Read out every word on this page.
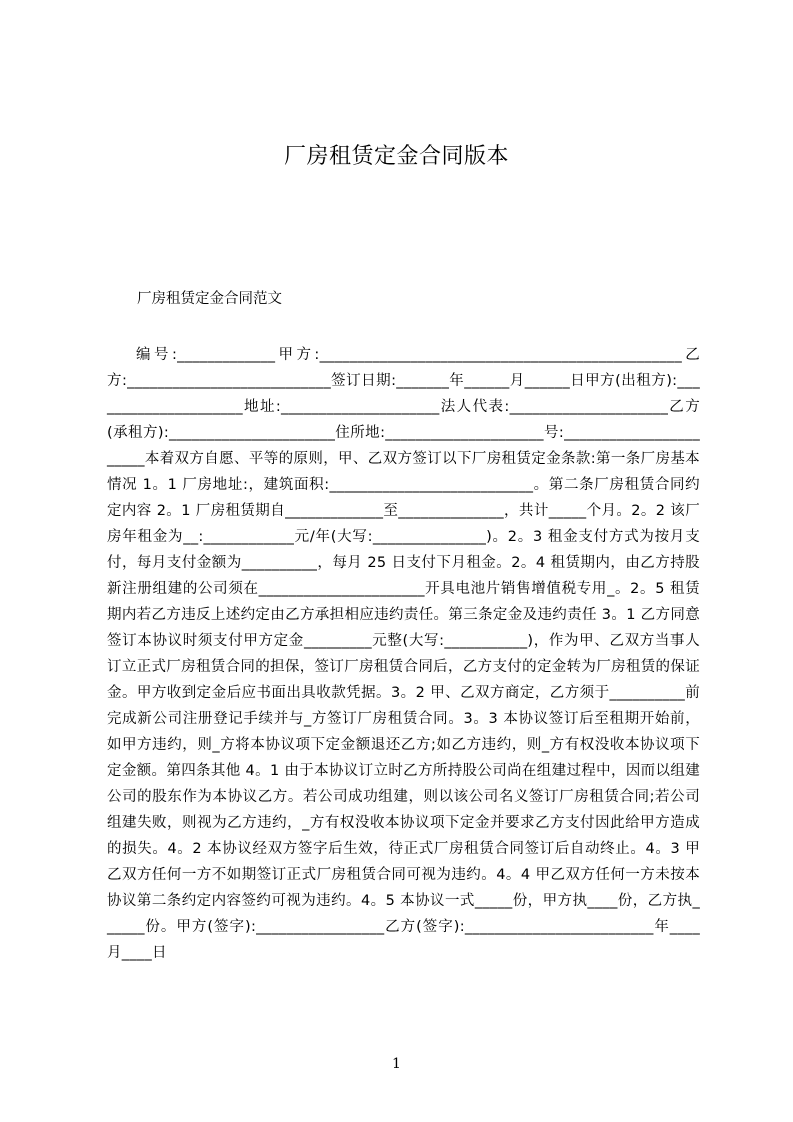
厂房租赁定金合同版本
厂房租赁定金合同范文
编号:_____________甲方:________________________________________________乙方:___________________________签订日期:_______年______月______日甲方(出租方):_____________________地址:_____________________法人代表:_____________________乙方(承租方):______________________住所地:_____________________号:_______________________本着双方自愿、平等的原则，甲、乙双方签订以下厂房租赁定金条款:第一条厂房基本情况 1。1 厂房地址:，建筑面积:___________________________。第二条厂房租赁合同约定内容 2。1 厂房租赁期自_____________至______________，共计_____个月。2。2 该厂房年租金为__:____________元/年(大写:_______________)。2。3 租金支付方式为按月支付，每月支付金额为__________，每月 25 日支付下月租金。2。4 租赁期内，由乙方持股新注册组建的公司须在______________________开具电池片销售增值税专用_。2。5 租赁期内若乙方违反上述约定由乙方承担相应违约责任。第三条定金及违约责任 3。1 乙方同意签订本协议时须支付甲方定金_________元整(大写:___________)，作为甲、乙双方当事人订立正式厂房租赁合同的担保，签订厂房租赁合同后，乙方支付的定金转为厂房租赁的保证金。甲方收到定金后应书面出具收款凭据。3。2 甲、乙双方商定，乙方须于__________前完成新公司注册登记手续并与_方签订厂房租赁合同。3。3 本协议签订后至租期开始前，如甲方违约，则_方将本协议项下定金额退还乙方;如乙方违约，则_方有权没收本协议项下定金额。第四条其他 4。1 由于本协议订立时乙方所持股公司尚在组建过程中，因而以组建公司的股东作为本协议乙方。若公司成功组建，则以该公司名义签订厂房租赁合同;若公司组建失败，则视为乙方违约，_方有权没收本协议项下定金并要求乙方支付因此给甲方造成的损失。4。2 本协议经双方签字后生效，待正式厂房租赁合同签订后自动终止。4。3 甲乙双方任何一方不如期签订正式厂房租赁合同可视为违约。4。4 甲乙双方任何一方未按本协议第二条约定内容签约可视为违约。4。5 本协议一式_____份，甲方执____份，乙方执______份。甲方(签字):_________________乙方(签字):_________________________年____月____日
1
